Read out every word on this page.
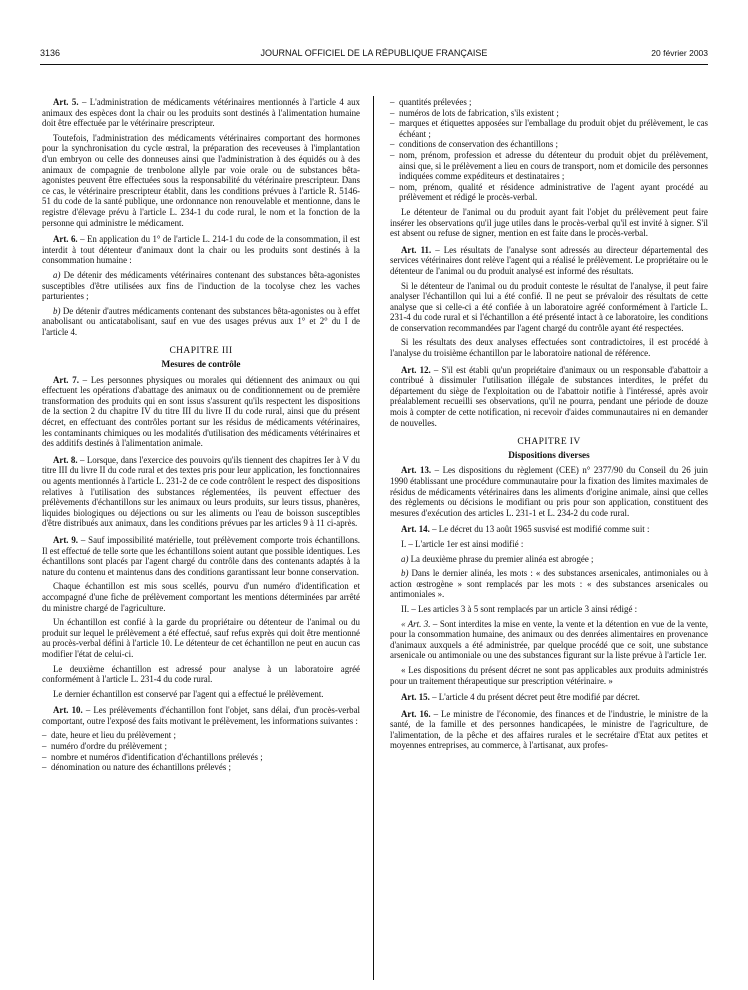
3136	JOURNAL OFFICIEL DE LA RÉPUBLIQUE FRANÇAISE	20 février 2003

Art. 5. – L'administration de médicaments vétérinaires mentionnés à l'article 4 aux animaux des espèces dont la chair ou les produits sont destinés à l'alimentation humaine doit être effectuée par le vétérinaire prescripteur.

Toutefois, l'administration des médicaments vétérinaires comportant des hormones pour la synchronisation du cycle œstral, la préparation des receveuses à l'implantation d'un embryon ou celle des donneuses ainsi que l'administration à des équidés ou à des animaux de compagnie de trenbolone allyle par voie orale ou de substances bêta-agonistes peuvent être effectuées sous la responsabilité du vétérinaire prescripteur. Dans ce cas, le vétérinaire prescripteur établit, dans les conditions prévues à l'article R. 5146-51 du code de la santé publique, une ordonnance non renouvelable et mentionne, dans le registre d'élevage prévu à l'article L. 234-1 du code rural, le nom et la fonction de la personne qui administre le médicament.

Art. 6. – En application du 1° de l'article L. 214-1 du code de la consommation, il est interdit à tout détenteur d'animaux dont la chair ou les produits sont destinés à la consommation humaine :

a) De détenir des médicaments vétérinaires contenant des substances bêta-agonistes susceptibles d'être utilisées aux fins de l'induction de la tocolyse chez les vaches parturientes ;

b) De détenir d'autres médicaments contenant des substances bêta-agonistes ou à effet anabolisant ou anticatabolisant, sauf en vue des usages prévus aux 1° et 2° du I de l'article 4.

CHAPITRE III
Mesures de contrôle

Art. 7. – Les personnes physiques ou morales qui détiennent des animaux ou qui effectuent les opérations d'abattage des animaux ou de conditionnement ou de première transformation des produits qui en sont issus s'assurent qu'ils respectent les dispositions de la section 2 du chapitre IV du titre III du livre II du code rural, ainsi que du présent décret, en effectuant des contrôles portant sur les résidus de médicaments vétérinaires, les contaminants chimiques ou les modalités d'utilisation des médicaments vétérinaires et des additifs destinés à l'alimentation animale.

Art. 8. – Lorsque, dans l'exercice des pouvoirs qu'ils tiennent des chapitres Ier à V du titre III du livre II du code rural et des textes pris pour leur application, les fonctionnaires ou agents mentionnés à l'article L. 231-2 de ce code contrôlent le respect des dispositions relatives à l'utilisation des substances réglementées, ils peuvent effectuer des prélèvements d'échantillons sur les animaux ou leurs produits, sur leurs tissus, phanères, liquides biologiques ou déjections ou sur les aliments ou l'eau de boisson susceptibles d'être distribués aux animaux, dans les conditions prévues par les articles 9 à 11 ci-après.

Art. 9. – Sauf impossibilité matérielle, tout prélèvement comporte trois échantillons. Il est effectué de telle sorte que les échantillons soient autant que possible identiques. Les échantillons sont placés par l'agent chargé du contrôle dans des contenants adaptés à la nature du contenu et maintenus dans des conditions garantissant leur bonne conservation.

Chaque échantillon est mis sous scellés, pourvu d'un numéro d'identification et accompagné d'une fiche de prélèvement comportant les mentions déterminées par arrêté du ministre chargé de l'agriculture.

Un échantillon est confié à la garde du propriétaire ou détenteur de l'animal ou du produit sur lequel le prélèvement a été effectué, sauf refus exprès qui doit être mentionné au procès-verbal défini à l'article 10. Le détenteur de cet échantillon ne peut en aucun cas modifier l'état de celui-ci.

Le deuxième échantillon est adressé pour analyse à un laboratoire agréé conformément à l'article L. 231-4 du code rural.

Le dernier échantillon est conservé par l'agent qui a effectué le prélèvement.

Art. 10. – Les prélèvements d'échantillon font l'objet, sans délai, d'un procès-verbal comportant, outre l'exposé des faits motivant le prélèvement, les informations suivantes :

– date, heure et lieu du prélèvement ;
– numéro d'ordre du prélèvement ;
– nombre et numéros d'identification d'échantillons prélevés ;
– dénomination ou nature des échantillons prélevés ;
– quantités prélevées ;
– numéros de lots de fabrication, s'ils existent ;
– marques et étiquettes apposées sur l'emballage du produit objet du prélèvement, le cas échéant ;
– conditions de conservation des échantillons ;
– nom, prénom, profession et adresse du détenteur du produit objet du prélèvement, ainsi que, si le prélèvement a lieu en cours de transport, nom et domicile des personnes indiquées comme expéditeurs et destinataires ;
– nom, prénom, qualité et résidence administrative de l'agent ayant procédé au prélèvement et rédigé le procès-verbal.

Le détenteur de l'animal ou du produit ayant fait l'objet du prélèvement peut faire insérer les observations qu'il juge utiles dans le procès-verbal qu'il est invité à signer. S'il est absent ou refuse de signer, mention en est faite dans le procès-verbal.

Art. 11. – Les résultats de l'analyse sont adressés au directeur départemental des services vétérinaires dont relève l'agent qui a réalisé le prélèvement. Le propriétaire ou le détenteur de l'animal ou du produit analysé est informé des résultats.

Si le détenteur de l'animal ou du produit conteste le résultat de l'analyse, il peut faire analyser l'échantillon qui lui a été confié. Il ne peut se prévaloir des résultats de cette analyse que si celle-ci a été confiée à un laboratoire agréé conformément à l'article L. 231-4 du code rural et si l'échantillon a été présenté intact à ce laboratoire, les conditions de conservation recommandées par l'agent chargé du contrôle ayant été respectées.

Si les résultats des deux analyses effectuées sont contradictoires, il est procédé à l'analyse du troisième échantillon par le laboratoire national de référence.

Art. 12. – S'il est établi qu'un propriétaire d'animaux ou un responsable d'abattoir a contribué à dissimuler l'utilisation illégale de substances interdites, le préfet du département du siège de l'exploitation ou de l'abattoir notifie à l'intéressé, après avoir préalablement recueilli ses observations, qu'il ne pourra, pendant une période de douze mois à compter de cette notification, ni recevoir d'aides communautaires ni en demander de nouvelles.

CHAPITRE IV
Dispositions diverses

Art. 13. – Les dispositions du règlement (CEE) n° 2377/90 du Conseil du 26 juin 1990 établissant une procédure communautaire pour la fixation des limites maximales de résidus de médicaments vétérinaires dans les aliments d'origine animale, ainsi que celles des règlements ou décisions le modifiant ou pris pour son application, constituent des mesures d'exécution des articles L. 231-1 et L. 234-2 du code rural.

Art. 14. – Le décret du 13 août 1965 susvisé est modifié comme suit :

I. – L'article 1er est ainsi modifié :

a) La deuxième phrase du premier alinéa est abrogée ;

b) Dans le dernier alinéa, les mots : « des substances arsenicales, antimoniales ou à action œstrogène » sont remplacés par les mots : « des substances arsenicales ou antimoniales ».

II. – Les articles 3 à 5 sont remplacés par un article 3 ainsi rédigé :

« Art. 3. – Sont interdites la mise en vente, la vente et la détention en vue de la vente, pour la consommation humaine, des animaux ou des denrées alimentaires en provenance d'animaux auxquels a été administrée, par quelque procédé que ce soit, une substance arsenicale ou antimoniale ou une des substances figurant sur la liste prévue à l'article 1er.

« Les dispositions du présent décret ne sont pas applicables aux produits administrés pour un traitement thérapeutique sur prescription vétérinaire. »

Art. 15. – L'article 4 du présent décret peut être modifié par décret.

Art. 16. – Le ministre de l'économie, des finances et de l'industrie, le ministre de la santé, de la famille et des personnes handicapées, le ministre de l'agriculture, de l'alimentation, de la pêche et des affaires rurales et le secrétaire d'Etat aux petites et moyennes entreprises, au commerce, à l'artisanat, aux profes-
